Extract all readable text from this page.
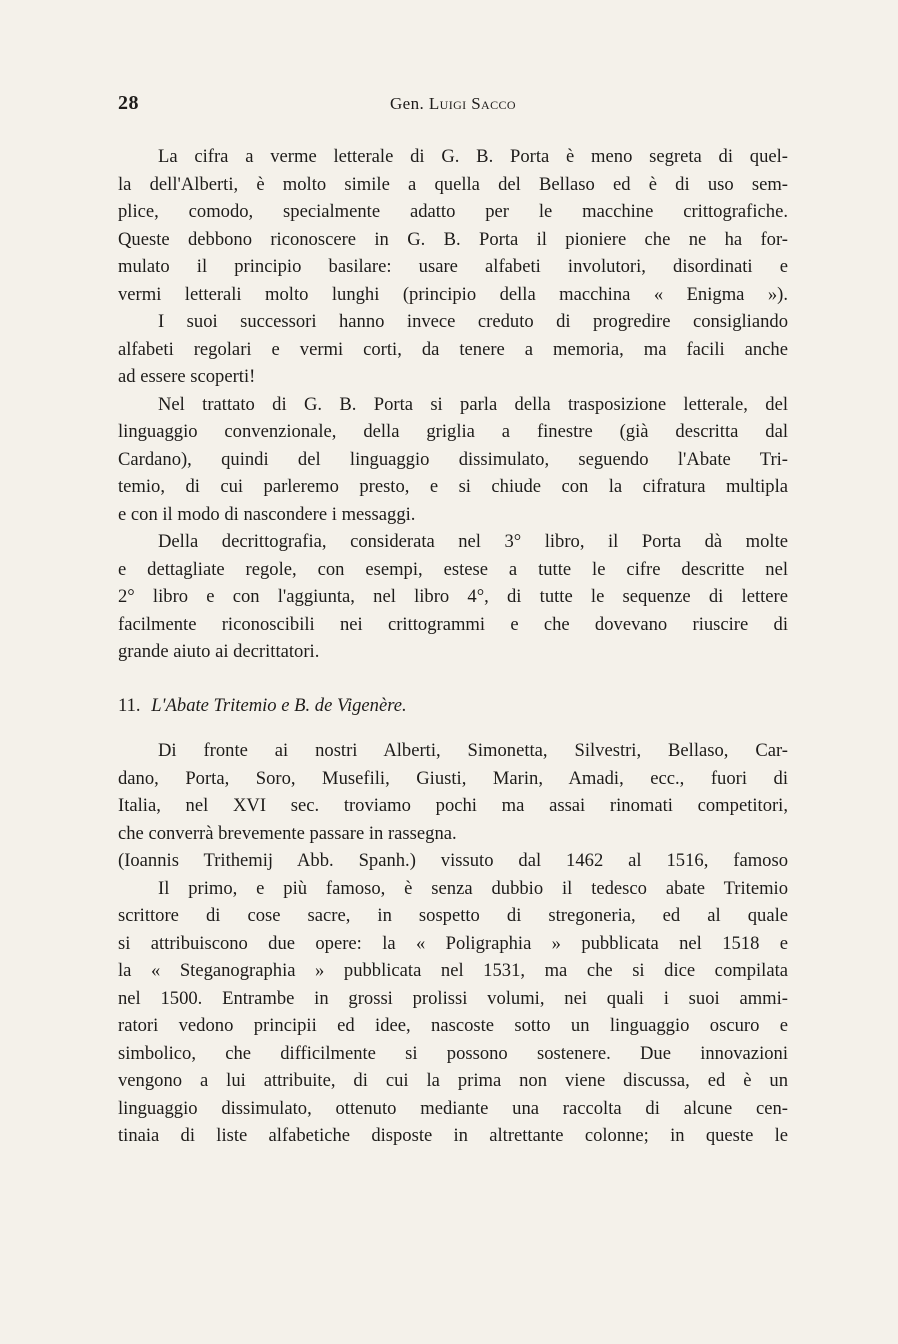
28	Gen. Luigi Sacco
La cifra a verme letterale di G. B. Porta è meno segreta di quel-
la dell'Alberti, è molto simile a quella del Bellaso ed è di uso sem-
plice, comodo, specialmente adatto per le macchine crittografiche.
Queste debbono riconoscere in G. B. Porta il pioniere che ne ha for-
mulato il principio basilare: usare alfabeti involutori, disordinati e
vermi letterali molto lunghi (principio della macchina « Enigma »).
I suoi successori hanno invece creduto di progredire consigliando
alfabeti regolari e vermi corti, da tenere a memoria, ma facili anche
ad essere scoperti!
Nel trattato di G. B. Porta si parla della trasposizione letterale, del
linguaggio convenzionale, della griglia a finestre (già descritta dal
Cardano), quindi del linguaggio dissimulato, seguendo l'Abate Tri-
temio, di cui parleremo presto, e si chiude con la cifratura multipla
e con il modo di nascondere i messaggi.
Della decrittografia, considerata nel 3° libro, il Porta dà molte
e dettagliate regole, con esempi, estese a tutte le cifre descritte nel
2° libro e con l'aggiunta, nel libro 4°, di tutte le sequenze di lettere
facilmente riconoscibili nei crittogrammi e che dovevano riuscire di
grande aiuto ai decrittatori.
11. L'Abate Tritemio e B. de Vigenère.
Di fronte ai nostri Alberti, Simonetta, Silvestri, Bellaso, Car-
dano, Porta, Soro, Musefili, Giusti, Marin, Amadi, ecc., fuori di
Italia, nel XVI sec. troviamo pochi ma assai rinomati competitori,
che converrà brevemente passare in rassegna.
(Ioannis Trithemij Abb. Spanh.) vissuto dal 1462 al 1516, famoso
Il primo, e più famoso, è senza dubbio il tedesco abate Tritemio
scrittore di cose sacre, in sospetto di stregoneria, ed al quale
si attribuiscono due opere: la « Poligraphia » pubblicata nel 1518 e
la « Steganographia » pubblicata nel 1531, ma che si dice compilata
nel 1500. Entrambe in grossi prolissi volumi, nei quali i suoi ammi-
ratori vedono principii ed idee, nascoste sotto un linguaggio oscuro e
simbolico, che difficilmente si possono sostenere. Due innovazioni
vengono a lui attribuite, di cui la prima non viene discussa, ed è un
linguaggio dissimulato, ottenuto mediante una raccolta di alcune cen-
tinaia di liste alfabetiche disposte in altrettante colonne; in queste le
